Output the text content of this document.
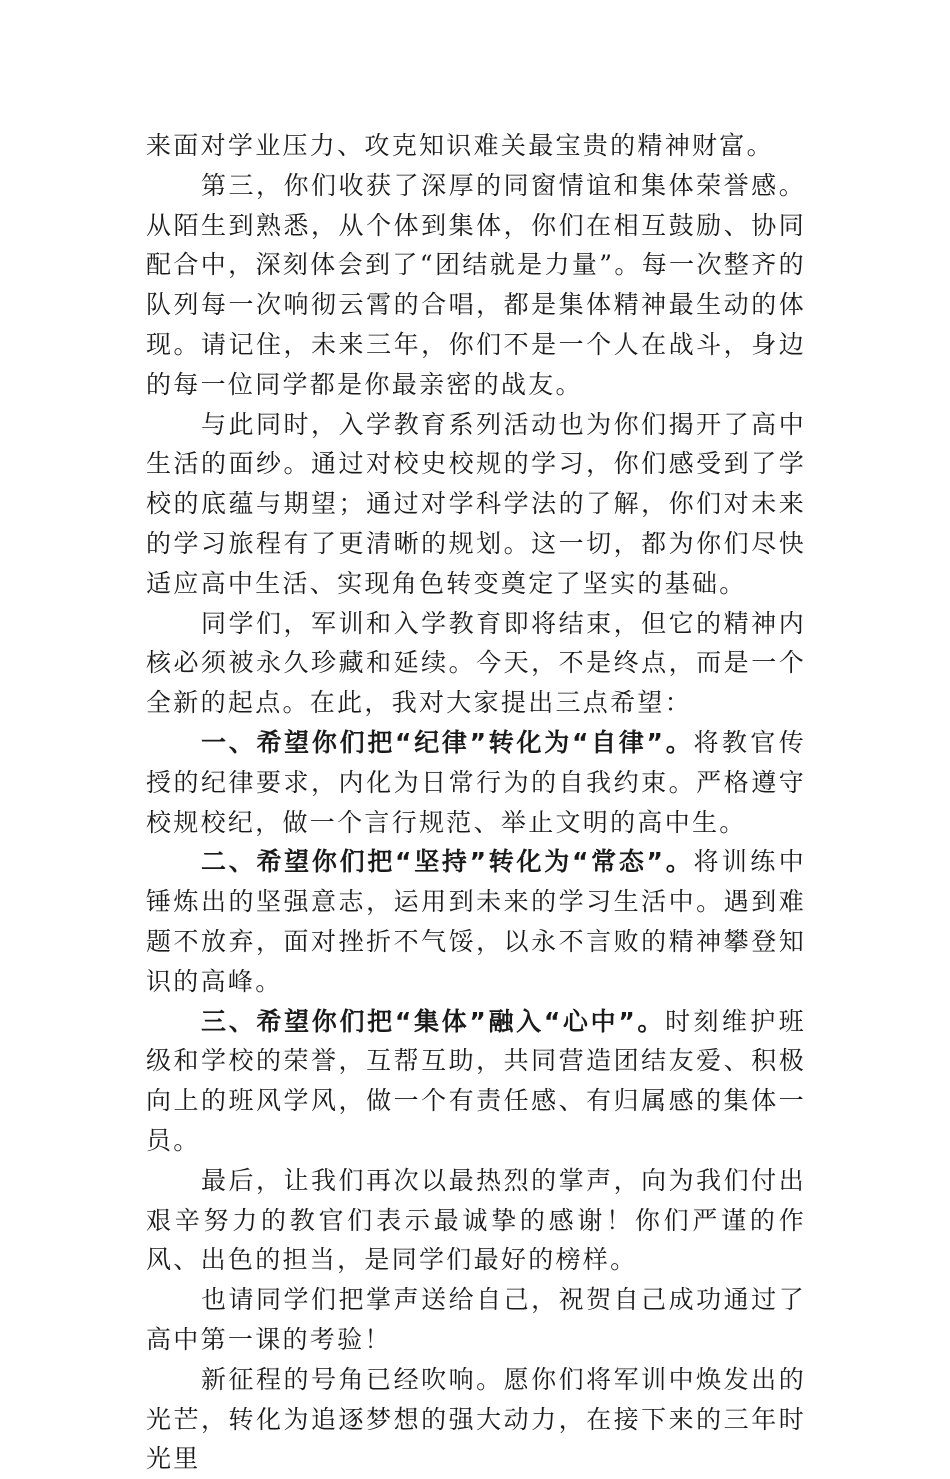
来面对学业压力、攻克知识难关最宝贵的精神财富。

第三，你们收获了深厚的同窗情谊和集体荣誉感。从陌生到熟悉，从个体到集体，你们在相互鼓励、协同配合中，深刻体会到了“团结就是力量”。每一次整齐的队列每一次响彻云霄的合唱，都是集体精神最生动的体现。请记住，未来三年，你们不是一个人在战斗，身边的每一位同学都是你最亲密的战友。

与此同时，入学教育系列活动也为你们揭开了高中生活的面纱。通过对校史校规的学习，你们感受到了学校的底蕴与期望；通过对学科学法的了解，你们对未来的学习旅程有了更清晰的规划。这一切，都为你们尽快适应高中生活、实现角色转变奠定了坚实的基础。

同学们，军训和入学教育即将结束，但它的精神内核必须被永久珍藏和延续。今天，不是终点，而是一个全新的起点。在此，我对大家提出三点希望：

一、希望你们把“纪律”转化为“自律”。将教官传授的纪律要求，内化为日常行为的自我约束。严格遵守校规校纪，做一个言行规范、举止文明的高中生。

二、希望你们把“坚持”转化为“常态”。将训练中锤炼出的坚强意志，运用到未来的学习生活中。遇到难题不放弃，面对挫折不气馁，以永不言败的精神攀登知识的高峰。

三、希望你们把“集体”融入“心中”。时刻维护班级和学校的荣誉，互帮互助，共同营造团结友爱、积极向上的班风学风，做一个有责任感、有归属感的集体一员。

最后，让我们再次以最热烈的掌声，向为我们付出艰辛努力的教官们表示最诚挚的感谢！你们严谨的作风、出色的担当，是同学们最好的榜样。

也请同学们把掌声送给自己，祝贺自己成功通过了高中第一课的考验！

新征程的号角已经吹响。愿你们将军训中焕发出的光芒，转化为追逐梦想的强大动力，在接下来的三年时光里
